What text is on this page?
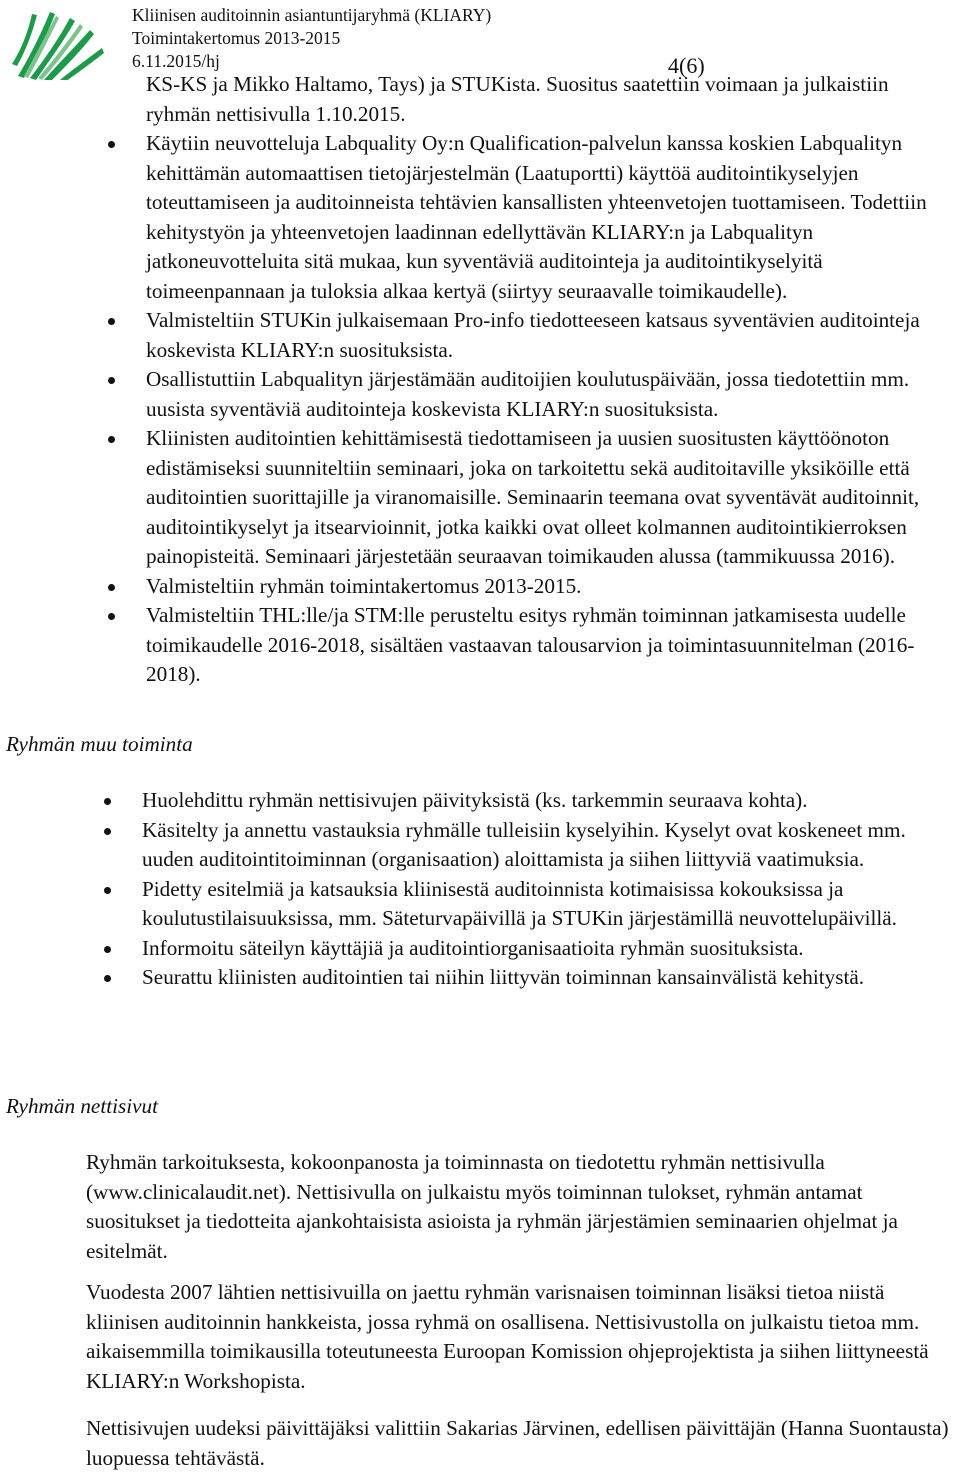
Kliinisen auditoinnin asiantuntijaryhmä (KLIARY)
Toimintakertomus 2013-2015
6.11.2015/hj	4(6)

KS-KS ja Mikko Haltamo, Tays) ja STUKista. Suositus saatettiin voimaan ja julkaistiin ryhmän nettisivulla 1.10.2015.

Käytiin neuvotteluja Labquality Oy:n Qualification-palvelun kanssa koskien Labqualityn kehittämän automaattisen tietojärjestelmän (Laatuportti) käyttöä auditointikyselyjen toteuttamiseen ja auditoinneista tehtävien kansallisten yhteenvetojen tuottamiseen. Todettiin kehitystyön ja yhteenvetojen laadinnan edellyttävän KLIARY:n ja Labqualityn jatkoneuvotteluita sitä mukaa, kun syventäviä auditointeja ja auditointikyselyitä toimeenpannaan ja tuloksia alkaa kertyä (siirtyy seuraavalle toimikaudelle).
Valmisteltiin STUKin julkaisemaan Pro-info tiedotteeseen katsaus syventävien auditointeja koskevista KLIARY:n suosituksista.
Osallistuttiin Labqualityn järjestämään auditoijien koulutuspäivään, jossa tiedotettiin mm. uusista syventäviä auditointeja koskevista KLIARY:n suosituksista.
Kliinisten auditointien kehittämisestä tiedottamiseen ja uusien suositusten käyttöönoton edistämiseksi suunniteltiin seminaari, joka on tarkoitettu sekä auditoitaville yksiköille että auditointien suorittajille ja viranomaisille. Seminaarin teemana ovat syventävät auditoinnit, auditointikyselyt ja itsearvioinnit, jotka kaikki ovat olleet kolmannen auditointikierroksen painopisteitä. Seminaari järjestetään seuraavan toimikauden alussa (tammikuussa 2016).
Valmisteltiin ryhmän toimintakertomus 2013-2015.
Valmisteltiin THL:lle/ja STM:lle perusteltu esitys ryhmän toiminnan jatkamisesta uudelle toimikaudelle 2016-2018, sisältäen vastaavan talousarvion ja toimintasuunnitelman (2016-2018).
Ryhmän muu toiminta
Huolehdittu ryhmän nettisivujen päivityksistä (ks. tarkemmin seuraava kohta).
Käsitelty ja annettu vastauksia ryhmälle tulleisiin kyselyihin. Kyselyt ovat koskeneet mm. uuden auditointitoiminnan (organisaation) aloittamista ja siihen liittyviä vaatimuksia.
Pidetty esitelmiä ja katsauksia kliinisestä auditoinnista kotimaisissa kokouksissa ja koulutustilaisuuksissa, mm. Säteturvapäivillä ja STUKin järjestämillä neuvottelupäivillä.
Informoitu säteilyn käyttäjiä ja auditointiorganisaatioita ryhmän suosituksista.
Seurattu kliinisten auditointien tai niihin liittyvän toiminnan kansainvälistä kehitystä.
Ryhmän nettisivut

Ryhmän tarkoituksesta, kokoonpanosta ja toiminnasta on tiedotettu ryhmän nettisivulla (www.clinicalaudit.net). Nettisivulla on julkaistu myös toiminnan tulokset, ryhmän antamat suositukset ja tiedotteita ajankohtaisista asioista ja ryhmän järjestämien seminaarien ohjelmat ja esitelmät.

Vuodesta 2007 lähtien nettisivuilla on jaettu ryhmän varisnaisen toiminnan lisäksi tietoa niistä kliinisen auditoinnin hankkeista, jossa ryhmä on osallisena. Nettisivustolla on julkaistu tietoa mm. aikaisemmilla toimikausilla toteutuneesta Euroopan Komission ohjeprojektista ja siihen liittyneestä KLIARY:n Workshopista.

Nettisivujen uudeksi päivittäjäksi valittiin Sakarias Järvinen, edellisen päivittäjän (Hanna Suontausta) luopuessa tehtävästä.
